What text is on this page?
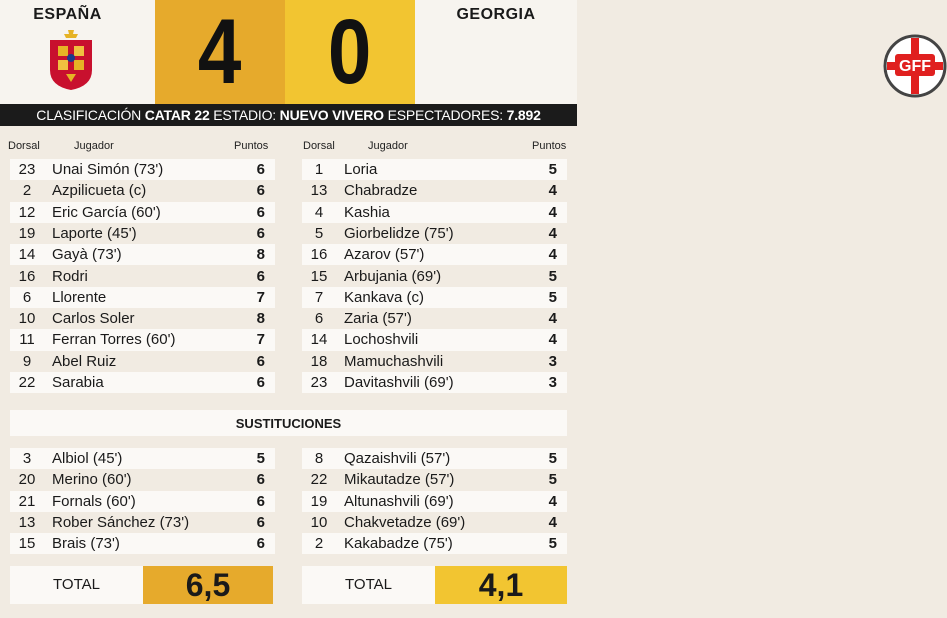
ESPAÑA	4 0	GEORGIA
GFF
CLASIFICACIÓN CATAR 22 ESTADIO: NUEVO VIVERO ESPECTADORES: 7.892
Dorsal	Jugador	Puntos	Dorsal	Jugador	Puntos
23	Unai Simón (73')	6
2	Azpilicueta (c)	6
12	Eric García (60')	6
19	Laporte (45')	6
14	Gayà (73')	8
16	Rodri	6
6	Llorente	7
10	Carlos Soler	8
11	Ferran Torres (60')	7
9	Abel Ruiz	6
22	Sarabia	6
1	Loria	5
13	Chabradze	4
4	Kashia	4
5	Giorbelidze (75')	4
16	Azarov (57')	4
15	Arbujania (69')	5
7	Kankava (c)	5
6	Zaria (57')	4
14	Lochoshvili	4
18	Mamuchashvili	3
23	Davitashvili (69')	3
SUSTITUCIONES
3	Albiol (45')	5
20	Merino (60')	6
21	Fornals (60')	6
13	Rober Sánchez (73')	6
15	Brais (73')	6
8	Qazaishvili (57')	5
22	Mikautadze (57')	5
19	Altunashvili (69')	4
10	Chakvetadze (69')	4
2	Kakabadze (75')	5
TOTAL	6,5	TOTAL	4,1
